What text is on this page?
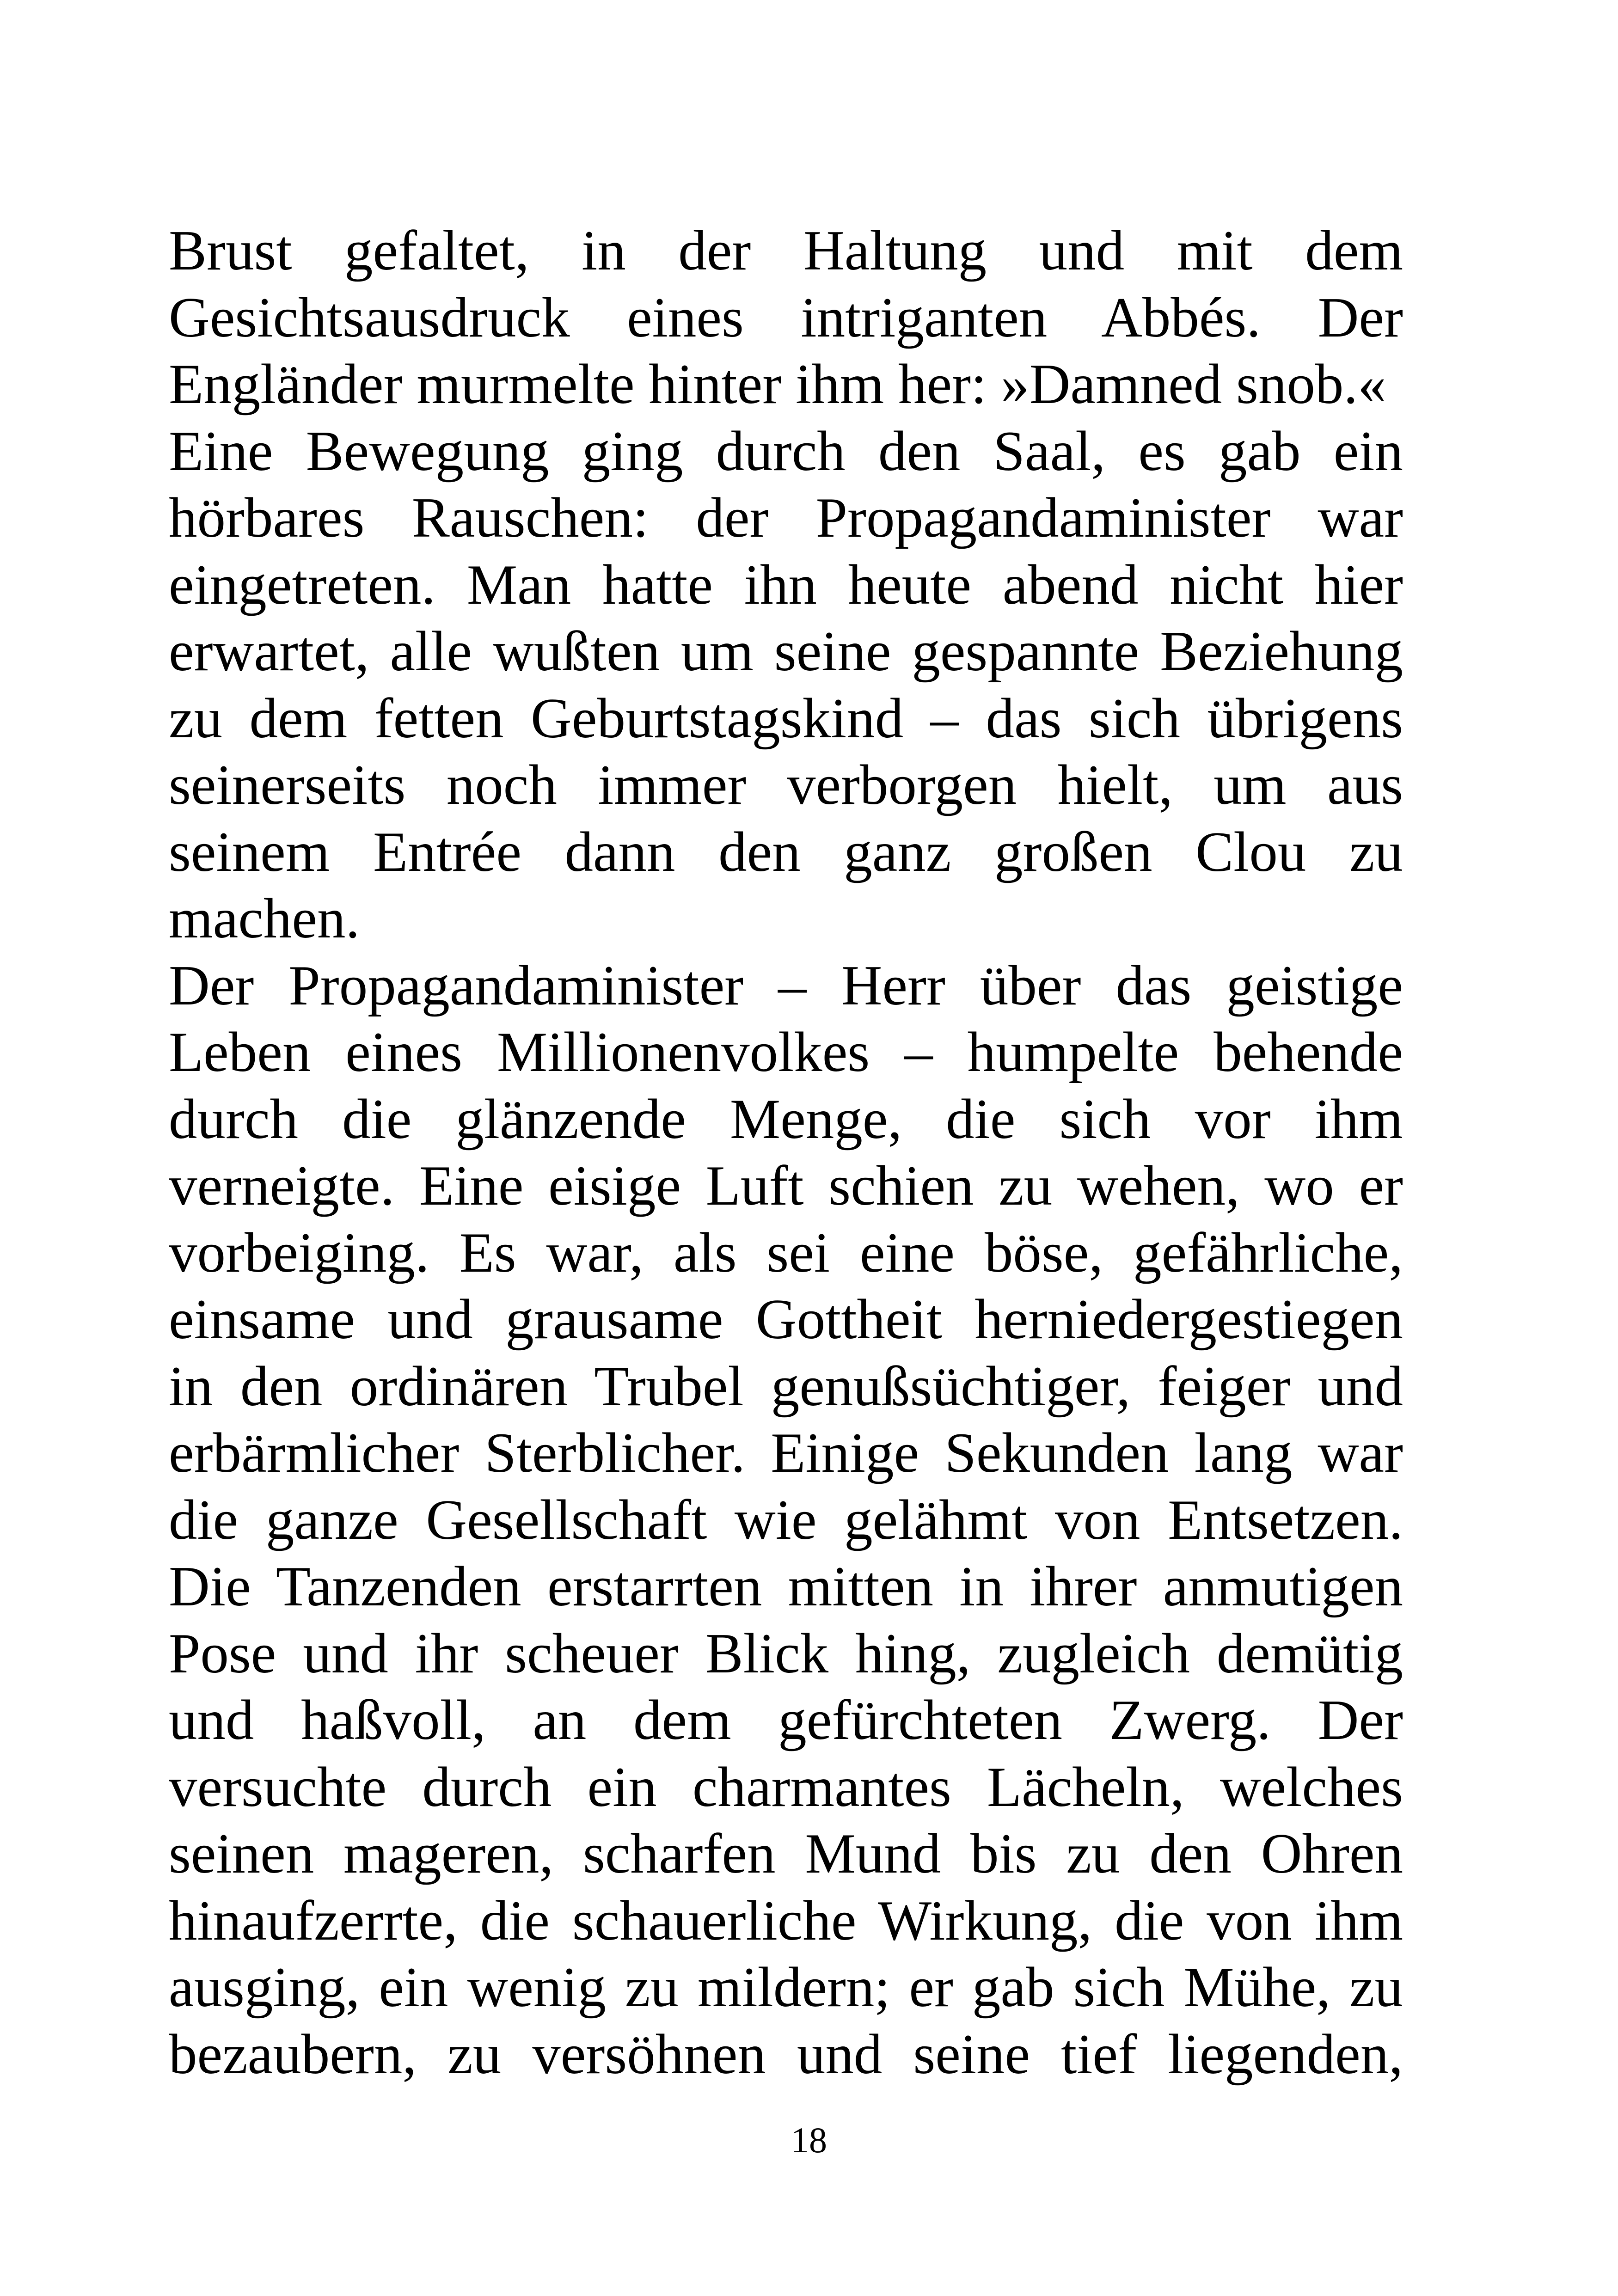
Brust gefaltet, in der Haltung und mit dem
Gesichtsausdruck eines intriganten Abbés. Der
Engländer murmelte hinter ihm her: »Damned snob.«
Eine Bewegung ging durch den Saal, es gab ein
hörbares Rauschen: der Propagandaminister war
eingetreten. Man hatte ihn heute abend nicht hier
erwartet, alle wußten um seine gespannte Beziehung
zu dem fetten Geburtstagskind – das sich übrigens
seinerseits noch immer verborgen hielt, um aus
seinem Entrée dann den ganz großen Clou zu
machen.
Der Propagandaminister – Herr über das geistige
Leben eines Millionenvolkes – humpelte behende
durch die glänzende Menge, die sich vor ihm
verneigte. Eine eisige Luft schien zu wehen, wo er
vorbeiging. Es war, als sei eine böse, gefährliche,
einsame und grausame Gottheit herniedergestiegen
in den ordinären Trubel genußsüchtiger, feiger und
erbärmlicher Sterblicher. Einige Sekunden lang war
die ganze Gesellschaft wie gelähmt von Entsetzen.
Die Tanzenden erstarrten mitten in ihrer anmutigen
Pose und ihr scheuer Blick hing, zugleich demütig
und haßvoll, an dem gefürchteten Zwerg. Der
versuchte durch ein charmantes Lächeln, welches
seinen mageren, scharfen Mund bis zu den Ohren
hinaufzerrte, die schauerliche Wirkung, die von ihm
ausging, ein wenig zu mildern; er gab sich Mühe, zu
bezaubern, zu versöhnen und seine tief liegenden,
18
